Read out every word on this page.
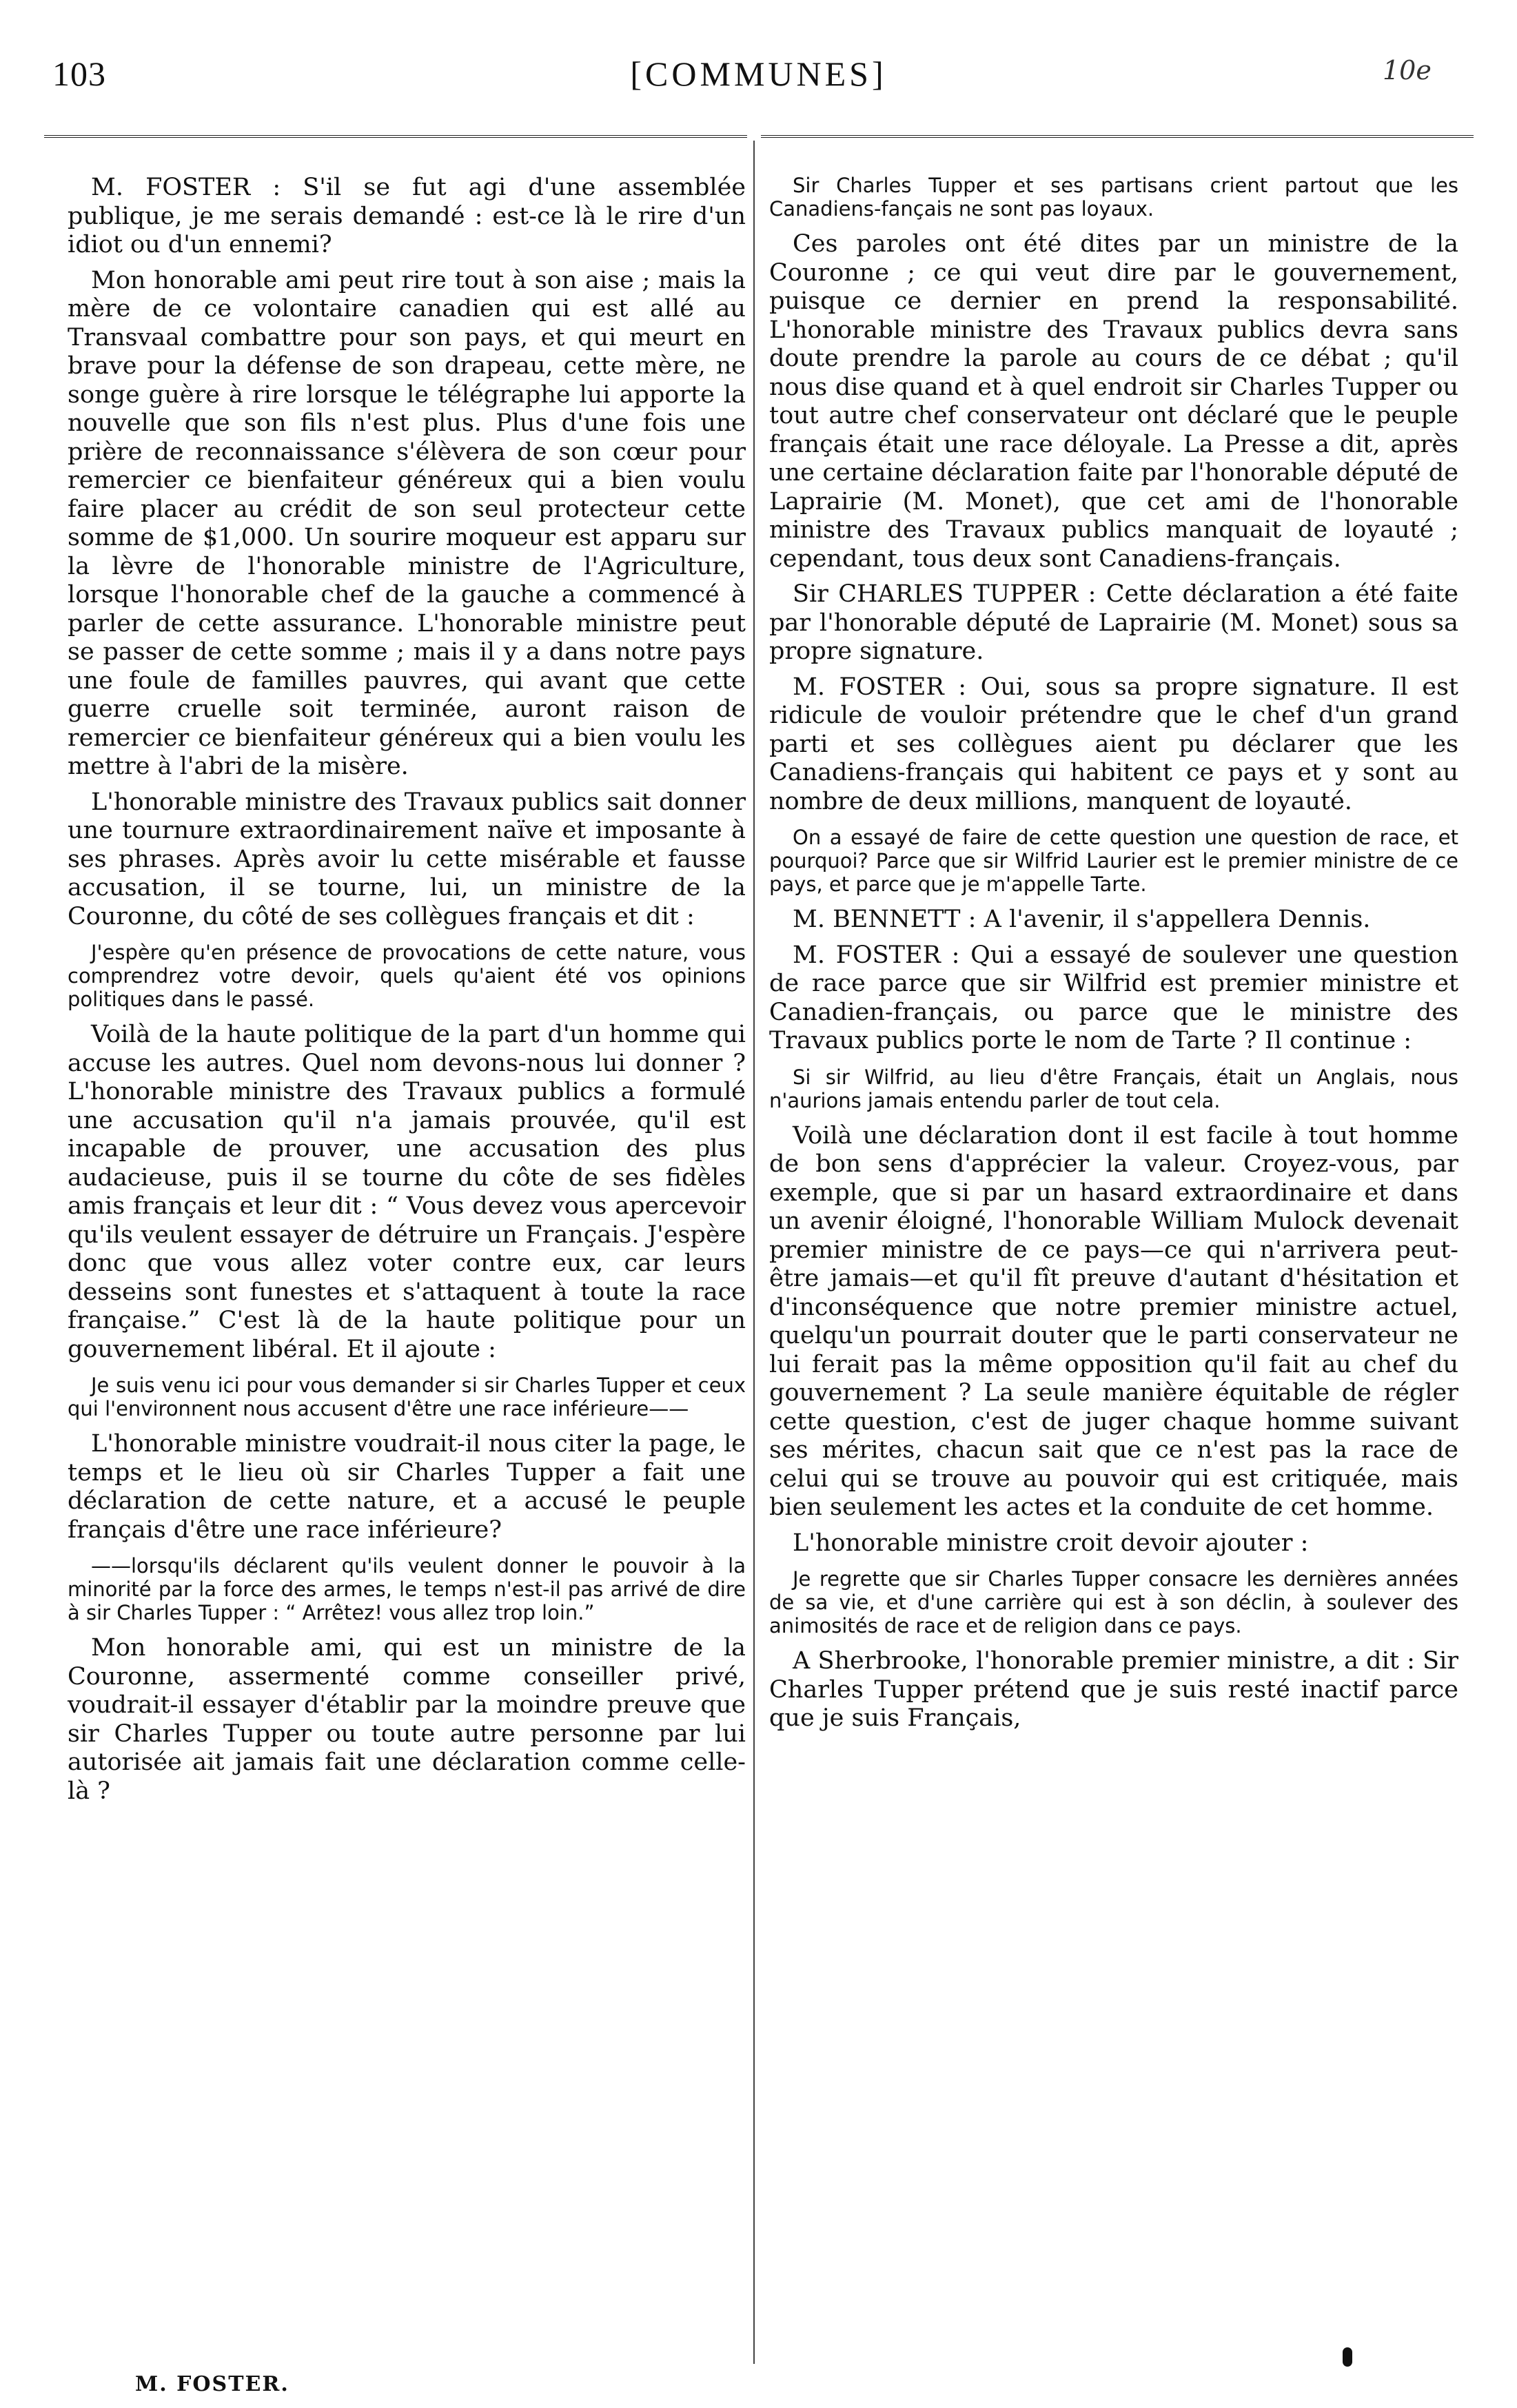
103	[COMMUNES]	10e

M. FOSTER : S'il se fut agi d'une assemblée publique, je me serais demandé : est-ce là le rire d'un idiot ou d'un ennemi?

Mon honorable ami peut rire tout à son aise ; mais la mère de ce volontaire canadien qui est allé au Transvaal combattre pour son pays, et qui meurt en brave pour la défense de son drapeau, cette mère, ne songe guère à rire lorsque le télégraphe lui apporte la nouvelle que son fils n'est plus. Plus d'une fois une prière de reconnaissance s'élèvera de son cœur pour remercier ce bienfaiteur généreux qui a bien voulu faire placer au crédit de son seul protecteur cette somme de $1,000. Un sourire moqueur est apparu sur la lèvre de l'honorable ministre de l'Agriculture, lorsque l'honorable chef de la gauche a commencé à parler de cette assurance. L'honorable ministre peut se passer de cette somme ; mais il y a dans notre pays une foule de familles pauvres, qui avant que cette guerre cruelle soit terminée, auront raison de remercier ce bienfaiteur généreux qui a bien voulu les mettre à l'abri de la misère.

L'honorable ministre des Travaux publics sait donner une tournure extraordinairement naïve et imposante à ses phrases. Après avoir lu cette misérable et fausse accusation, il se tourne, lui, un ministre de la Couronne, du côté de ses collègues français et dit :

J'espère qu'en présence de provocations de cette nature, vous comprendrez votre devoir, quels qu'aient été vos opinions politiques dans le passé.

Voilà de la haute politique de la part d'un homme qui accuse les autres. Quel nom devons-nous lui donner ? L'honorable ministre des Travaux publics a formulé une accusation qu'il n'a jamais prouvée, qu'il est incapable de prouver, une accusation des plus audacieuse, puis il se tourne du côte de ses fidèles amis français et leur dit : “ Vous devez vous apercevoir qu'ils veulent essayer de détruire un Français. J'espère donc que vous allez voter contre eux, car leurs desseins sont funestes et s'attaquent à toute la race française.” C'est là de la haute politique pour un gouvernement libéral. Et il ajoute :

Je suis venu ici pour vous demander si sir Charles Tupper et ceux qui l'environnent nous accusent d'être une race inférieure——

L'honorable ministre voudrait-il nous citer la page, le temps et le lieu où sir Charles Tupper a fait une déclaration de cette nature, et a accusé le peuple français d'être une race inférieure?

——lorsqu'ils déclarent qu'ils veulent donner le pouvoir à la minorité par la force des armes, le temps n'est-il pas arrivé de dire à sir Charles Tupper : “ Arrêtez! vous allez trop loin.”

Mon honorable ami, qui est un ministre de la Couronne, assermenté comme conseiller privé, voudrait-il essayer d'établir par la moindre preuve que sir Charles Tupper ou toute autre personne par lui autorisée ait jamais fait une déclaration comme celle-là ?

Sir Charles Tupper et ses partisans crient partout que les Canadiens-fançais ne sont pas loyaux.

Ces paroles ont été dites par un ministre de la Couronne ; ce qui veut dire par le gouvernement, puisque ce dernier en prend la responsabilité. L'honorable ministre des Travaux publics devra sans doute prendre la parole au cours de ce débat ; qu'il nous dise quand et à quel endroit sir Charles Tupper ou tout autre chef conservateur ont déclaré que le peuple français était une race déloyale. La Presse a dit, après une certaine déclaration faite par l'honorable député de Laprairie (M. Monet), que cet ami de l'honorable ministre des Travaux publics manquait de loyauté ; cependant, tous deux sont Canadiens-français.

Sir CHARLES TUPPER : Cette déclaration a été faite par l'honorable député de Laprairie (M. Monet) sous sa propre signature.

M. FOSTER : Oui, sous sa propre signature. Il est ridicule de vouloir prétendre que le chef d'un grand parti et ses collègues aient pu déclarer que les Canadiens-français qui habitent ce pays et y sont au nombre de deux millions, manquent de loyauté.

On a essayé de faire de cette question une question de race, et pourquoi? Parce que sir Wilfrid Laurier est le premier ministre de ce pays, et parce que je m'appelle Tarte.

M. BENNETT : A l'avenir, il s'appellera Dennis.

M. FOSTER : Qui a essayé de soulever une question de race parce que sir Wilfrid est premier ministre et Canadien-français, ou parce que le ministre des Travaux publics porte le nom de Tarte ? Il continue :

Si sir Wilfrid, au lieu d'être Français, était un Anglais, nous n'aurions jamais entendu parler de tout cela.

Voilà une déclaration dont il est facile à tout homme de bon sens d'apprécier la valeur. Croyez-vous, par exemple, que si par un hasard extraordinaire et dans un avenir éloigné, l'honorable William Mulock devenait premier ministre de ce pays—ce qui n'arrivera peut-être jamais—et qu'il fît preuve d'autant d'hésitation et d'inconséquence que notre premier ministre actuel, quelqu'un pourrait douter que le parti conservateur ne lui ferait pas la même opposition qu'il fait au chef du gouvernement ? La seule manière équitable de régler cette question, c'est de juger chaque homme suivant ses mérites, chacun sait que ce n'est pas la race de celui qui se trouve au pouvoir qui est critiquée, mais bien seulement les actes et la conduite de cet homme.

L'honorable ministre croit devoir ajouter :

Je regrette que sir Charles Tupper consacre les dernières années de sa vie, et d'une carrière qui est à son déclin, à soulever des animosités de race et de religion dans ce pays.

A Sherbrooke, l'honorable premier ministre, a dit : Sir Charles Tupper prétend que je suis resté inactif parce que je suis Français,

M. FOSTER.
